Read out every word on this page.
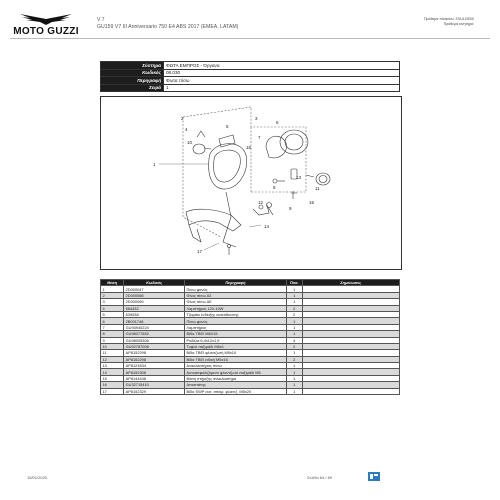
MOTO GUZZI
V 7
GU159 V7 III Anniversario 750 E4 ABS 2017 (EMEA, LATAM)
Πρόθεμα πλαισίου: ZGULDE00
Πρόθεμα κινητήρα:
Σύστημα	ΦΩΤΑ ΕΜΠΡΟΣ - Όργανα
Κωδικός	08.030
Περιγραφή	Φωτα πίσω
Σειρά	1
1
2	3
4
5
6
7
8
9
10
11
12
13
14
15
16
17
Θέση	Κωδικός	Περιγραφή	Ποσ.	Σημείωσεις
1	2D000047	Πίσω φανός	1	
2	2D000068	Φλας πίσω ΑΣ	1	
3	2D000069	Φλας πίσω ΔΕ	1	
4	584432	Λαμπτήρας 12V-10W	2	
5	639538	Τζαμάκι ένδειξης κατεύθυνσης	2	
6	2B001748	Πίσω φανός	1	
7	GU93945224	Λαμπτήρας	1	
8	GU98377652	Βίδα TBEI M6X15	1	
9	GU98005306	Ροδέλα 6,4x12x1,5	4	
10	GU92787006	Τυφλό παξιμάδι M6x1	2	
11	AP8152298	Βίδα TBEI φλαντζωτή M5x10	1	
12	AP8152298	Βίδα TBEI ειδική M5x16	2	
13	AP8124534	Ανακλαστήρας πίσω	1	
14	AP8152306	Αυτοασφαλιζόμενο φλαντζωτό παξιμάδι M5	1	
15	AP8144446	Βάση στήριξης ανακλαστήρα	1	
16	GU32715410	Αποστάτης	1	
17	AP8152329	Βίδα SWP αυτ. σπειρ. φλαντζ. M5x20	1	
15/01/2020	Σελίδα 64 / 69
